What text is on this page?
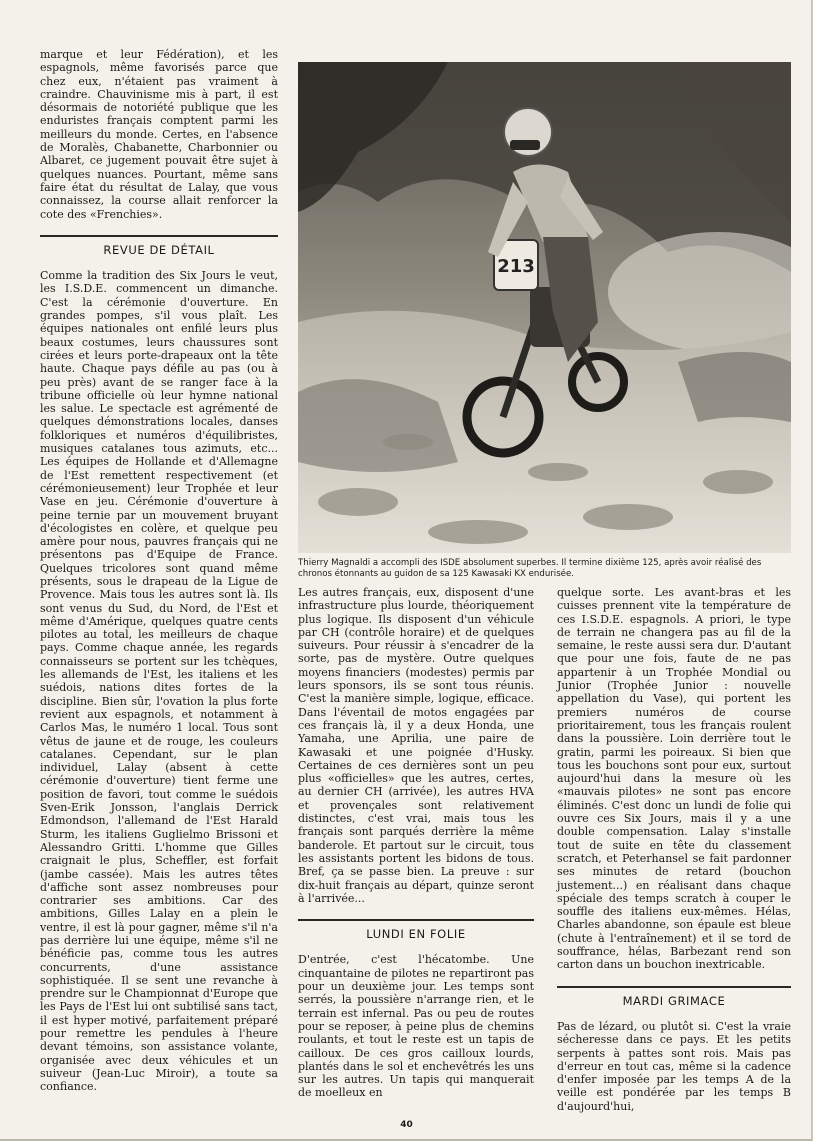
marque et leur Fédération), et les espagnols, même favorisés parce que chez eux, n'étaient pas vraiment à craindre. Chauvinisme mis à part, il est désormais de notoriété publique que les enduristes français comptent parmi les meilleurs du monde. Certes, en l'absence de Moralès, Chabanette, Charbonnier ou Albaret, ce jugement pouvait être sujet à quelques nuances. Pourtant, même sans faire état du résultat de Lalay, que vous connaissez, la course allait renforcer la cote des «Frenchies».

REVUE DE DÉTAIL

Comme la tradition des Six Jours le veut, les I.S.D.E. commencent un dimanche. C'est la cérémonie d'ouverture. En grandes pompes, s'il vous plaît. Les équipes nationales ont enfilé leurs plus beaux costumes, leurs chaussures sont cirées et leurs porte-drapeaux ont la tête haute. Chaque pays défile au pas (ou à peu près) avant de se ranger face à la tribune officielle où leur hymne national les salue. Le spectacle est agrémenté de quelques démonstrations locales, danses folkloriques et numéros d'équilibristes, musiques catalanes tous azimuts, etc... Les équipes de Hollande et d'Allemagne de l'Est remettent respectivement (et cérémonieusement) leur Trophée et leur Vase en jeu. Cérémonie d'ouverture à peine ternie par un mouvement bruyant d'écologistes en colère, et quelque peu amère pour nous, pauvres français qui ne présentons pas d'Equipe de France. Quelques tricolores sont quand même présents, sous le drapeau de la Ligue de Provence. Mais tous les autres sont là. Ils sont venus du Sud, du Nord, de l'Est et même d'Amérique, quelques quatre cents pilotes au total, les meilleurs de chaque pays. Comme chaque année, les regards connaisseurs se portent sur les tchèques, les allemands de l'Est, les italiens et les suédois, nations dites fortes de la discipline. Bien sûr, l'ovation la plus forte revient aux espagnols, et notamment à Carlos Mas, le numéro 1 local. Tous sont vêtus de jaune et de rouge, les couleurs catalanes. Cependant, sur le plan individuel, Lalay (absent à cette cérémonie d'ouverture) tient ferme une position de favori, tout comme le suédois Sven-Erik Jonsson, l'anglais Derrick Edmondson, l'allemand de l'Est Harald Sturm, les italiens Guglielmo Brissoni et Alessandro Gritti. L'homme que Gilles craignait le plus, Scheffler, est forfait (jambe cassée). Mais les autres têtes d'affiche sont assez nombreuses pour contrarier ses ambitions. Car des ambitions, Gilles Lalay en a plein le ventre, il est là pour gagner, même s'il n'a pas derrière lui une équipe, même s'il ne bénéficie pas, comme tous les autres concurrents, d'une assistance sophistiquée. Il se sent une revanche à prendre sur le Championnat d'Europe que les Pays de l'Est lui ont subtilisé sans tact, il est hyper motivé, parfaitement préparé pour remettre les pendules à l'heure devant témoins, son assistance volante, organisée avec deux véhicules et un suiveur (Jean-Luc Miroir), a toute sa confiance.

213
Thierry Magnaldi a accompli des ISDE absolument superbes. Il termine dixième 125, après avoir réalisé des chronos étonnants au guidon de sa 125 Kawasaki KX endurisée.

Les autres français, eux, disposent d'une infrastructure plus lourde, théoriquement plus logique. Ils disposent d'un véhicule par CH (contrôle horaire) et de quelques suiveurs. Pour réussir à s'encadrer de la sorte, pas de mystère. Outre quelques moyens financiers (modestes) permis par leurs sponsors, ils se sont tous réunis. C'est la manière simple, logique, efficace. Dans l'éventail de motos engagées par ces français là, il y a deux Honda, une Yamaha, une Aprilia, une paire de Kawasaki et une poignée d'Husky. Certaines de ces dernières sont un peu plus «officielles» que les autres, certes, au dernier CH (arrivée), les autres HVA et provençales sont relativement distinctes, c'est vrai, mais tous les français sont parqués derrière la même banderole. Et partout sur le circuit, tous les assistants portent les bidons de tous. Bref, ça se passe bien. La preuve : sur dix-huit français au départ, quinze seront à l'arrivée...

LUNDI EN FOLIE

D'entrée, c'est l'hécatombe. Une cinquantaine de pilotes ne repartiront pas pour un deuxième jour. Les temps sont serrés, la poussière n'arrange rien, et le terrain est infernal. Pas ou peu de routes pour se reposer, à peine plus de chemins roulants, et tout le reste est un tapis de cailloux. De ces gros cailloux lourds, plantés dans le sol et enchevêtrés les uns sur les autres. Un tapis qui manquerait de moelleux en

quelque sorte. Les avant-bras et les cuisses prennent vite la température de ces I.S.D.E. espagnols. A priori, le type de terrain ne changera pas au fil de la semaine, le reste aussi sera dur. D'autant que pour une fois, faute de ne pas appartenir à un Trophée Mondial ou Junior (Trophée Junior : nouvelle appellation du Vase), qui portent les premiers numéros de course prioritairement, tous les français roulent dans la poussière. Loin derrière tout le gratin, parmi les poireaux. Si bien que tous les bouchons sont pour eux, surtout aujourd'hui dans la mesure où les «mauvais pilotes» ne sont pas encore éliminés. C'est donc un lundi de folie qui ouvre ces Six Jours, mais il y a une double compensation. Lalay s'installe tout de suite en tête du classement scratch, et Peterhansel se fait pardonner ses minutes de retard (bouchon justement...) en réalisant dans chaque spéciale des temps scratch à couper le souffle des italiens eux-mêmes. Hélas, Charles abandonne, son épaule est bleue (chute à l'entraînement) et il se tord de souffrance, hélas, Barbezant rend son carton dans un bouchon inextricable.

MARDI GRIMACE

Pas de lézard, ou plutôt si. C'est la vraie sécheresse dans ce pays. Et les petits serpents à pattes sont rois. Mais pas d'erreur en tout cas, même si la cadence d'enfer imposée par les temps A de la veille est pondérée par les temps B d'aujourd'hui,

40
